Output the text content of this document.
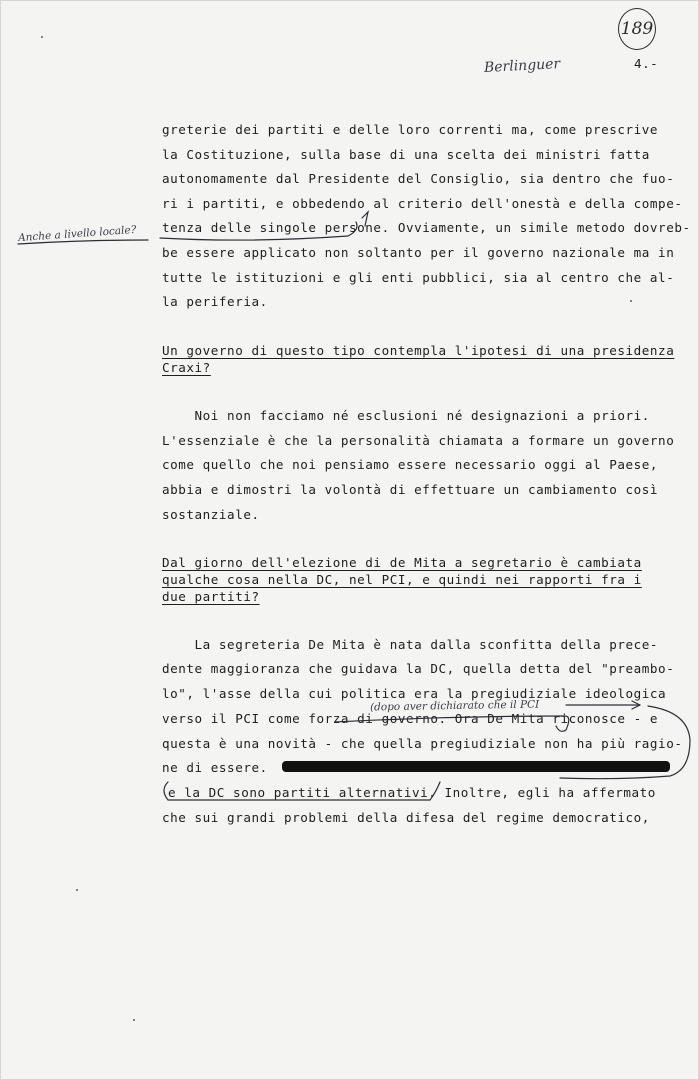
189
Berlinguer	4.-
greterie dei partiti e delle loro correnti ma, come prescrive
la Costituzione, sulla base di una scelta dei ministri fatta
autonomamente dal Presidente del Consiglio, sia dentro che fuo-
ri i partiti, e obbedendo al criterio dell'onestà e della compe-
tenza delle singole persone. Ovviamente, un simile metodo dovreb-
be essere applicato non soltanto per il governo nazionale ma in
tutte le istituzioni e gli enti pubblici, sia al centro che al-
la periferia.
Un governo di questo tipo contempla l'ipotesi di una presidenza
Craxi?
Noi non facciamo né esclusioni né designazioni a priori.
L'essenziale è che la personalità chiamata a formare un governo
come quello che noi pensiamo essere necessario oggi al Paese,
abbia e dimostri la volontà di effettuare un cambiamento così
sostanziale.
Dal giorno dell'elezione di de Mita a segretario è cambiata
qualche cosa nella DC, nel PCI, e quindi nei rapporti fra i
due partiti?
La segreteria De Mita è nata dalla sconfitta della prece-
dente maggioranza che guidava la DC, quella detta del "preambo-
lo", l'asse della cui politica era la pregiudiziale ideologica
verso il PCI come forza di governo. Ora De Mita riconosce - e
questa è una novità - che quella pregiudiziale non ha più ragio-
ne di essere.
e la DC sono partiti alternativi. Inoltre, egli ha affermato
che sui grandi problemi della difesa del regime democratico,
Anche a livello locale?
(dopo aver dichiarato che il PCI
